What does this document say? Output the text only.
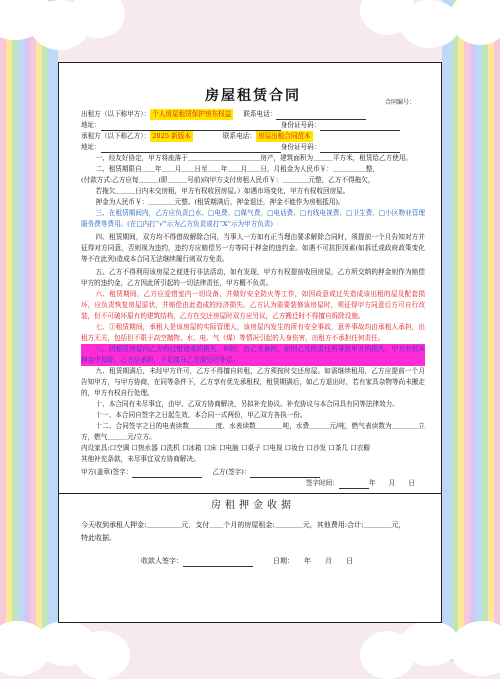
房屋租赁合同	合同编号：
出租方（以下称甲方）： 个人房屋租赁保护房东权益	联系电话：
地址：	身份证号码：
承租方（以下称乙方）： 2025 新版本	联系电话： 房屋出租合同范本
地址：	身份证号码：

一、经友好协定，甲方将座落于＿＿＿＿＿＿＿＿＿＿＿房产，建筑面积为＿＿＿平方米，租赁给乙方使用。

二、租赁期限自＿＿年＿＿月＿＿日至＿＿年＿＿月＿＿日，月租金为人民币￥：＿＿＿＿＿整，

(付款方式:乙方应每＿＿＿(即＿＿＿号前)向甲方支付房租人民币￥：＿＿＿＿元整，乙方不得拖欠，

若拖欠＿＿＿日内未交房租，甲方有权收回房屋。）如遇市场变化，甲方有权收回房屋。

押金为人民币￥：＿＿＿＿元整。(租赁期满后，押金退还，押金不能作为房租抵用)。

三、在租赁期间内，乙方应负责□水、□电费、□煤气费、□电话费、□有线电视费、□卫生费、□小区物业管理服务费等费用。(在□内打“√”示为乙方负责或打“X”示为甲方负责)

四、租赁期间，双方均不得借故解除合同，当事人一方如有正当理由要求解除合同时，须提前一个月告知对方并征得对方同意，否则视为违约，违约方应赔偿另一方等同于押金的违约金。如遇不可抗拒因素(如拆迁或政府政策变化等不在此列)造成本合同无法继续履行则双方免责。

五、乙方不得利用该房屋之便进行非法活动，如有发现，甲方有权提前收回房屋，乙方所交纳的押金则作为赔偿甲方的违约金，乙方因此所引起的一切法律责任，甲方概不负责。

六、租赁期间，乙方应爱惜室内一切设备，并做好安全防火等工作，如因故意或过失造成该出租的屋及配套损坏，应负责恢复房屋原状，并赔偿由此造成的经济损失。乙方认为需要装修该房屋时，须征得甲方同意后方可自行改装，但不可破坏原有的建筑结构，乙方在交还房屋时双方应另议，乙方搬迁时不得擅自拆除设施。

七、①租赁期间，承租人是该房屋的实际管理人，该房屋内发生的所有安全事故，意外事故均由承租人承担，出租方无关，包括但不限于高空抛物、水、电、气（煤）等情况引起的人身伤害，出租方不承担任何责任。

八、因租赁房屋内乙方的过错造成的损失、纠纷，由乙方承担。如因乙方的责任所导致甲方的损失，甲方有权从押金中扣除，乙方应承担，不足部分乙方需另行补足。

九、租赁期满后，未经甲方许可，乙方不得擅自转租，乙方须按时交还房屋。如需继续租用，乙方应提前一个月告知甲方，与甲方协商，在同等条件下，乙方享有优先承租权，租赁期满后，如乙方退出时，若有家具杂物等尚未搬走的，甲方有权自行处理。

十、本合同有未尽事宜，由甲、乙双方协商解决，另拟补充协议。补充协议与本合同具有同等法律效力。

十一、本合同自签字之日起生效，本合同一式两份，甲乙双方各执一份。

十二、合同签字之日的电表读数＿＿＿＿度、水表读数＿＿＿＿吨，水费＿＿＿元/吨，燃气表读数为＿＿＿＿立方，燃气＿＿＿元/立方。

内设家具:口空调 口热水器 口洗机 口冰箱 口床 口电脑 口桌子 口电视 口妆台 口沙发 口茶几 口衣橱

其他补充条款，未尽事宜双方协商解决。

甲方(盖章)签字：	乙方(签字)：
签字时间：	年　　月　　日
房租押金收据
今天收到承租人押金:＿＿＿＿＿元，支付＿＿个月的房屋租金:＿＿＿＿元，其他费用:合计:＿＿＿＿元，
特此收据。
收款人签字：	日期： 年　　月　　日
